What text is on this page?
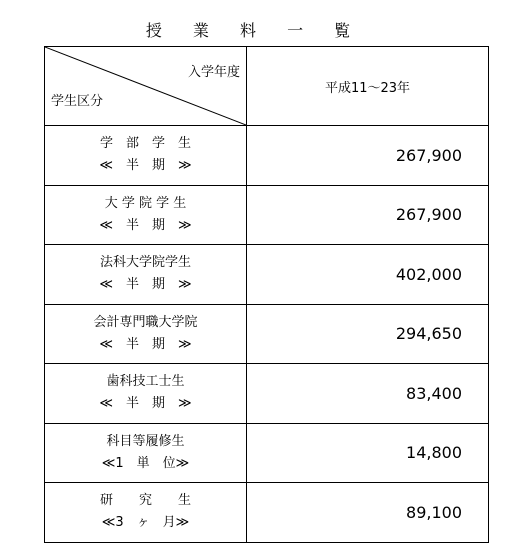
授 業 料 一 覧
入学年度
学生区分	平成11～23年

学　部　学　生
≪　半　期　≫	267,900

大 学 院 学 生
≪　半　期　≫	267,900

法科大学院学生
≪　半　期　≫	402,000

会計専門職大学院
≪　半　期　≫	294,650

歯科技工士生
≪　半　期　≫	83,400

科目等履修生
≪1　単　位≫	14,800

研　　究　　生
≪3　ヶ　月≫	89,100
